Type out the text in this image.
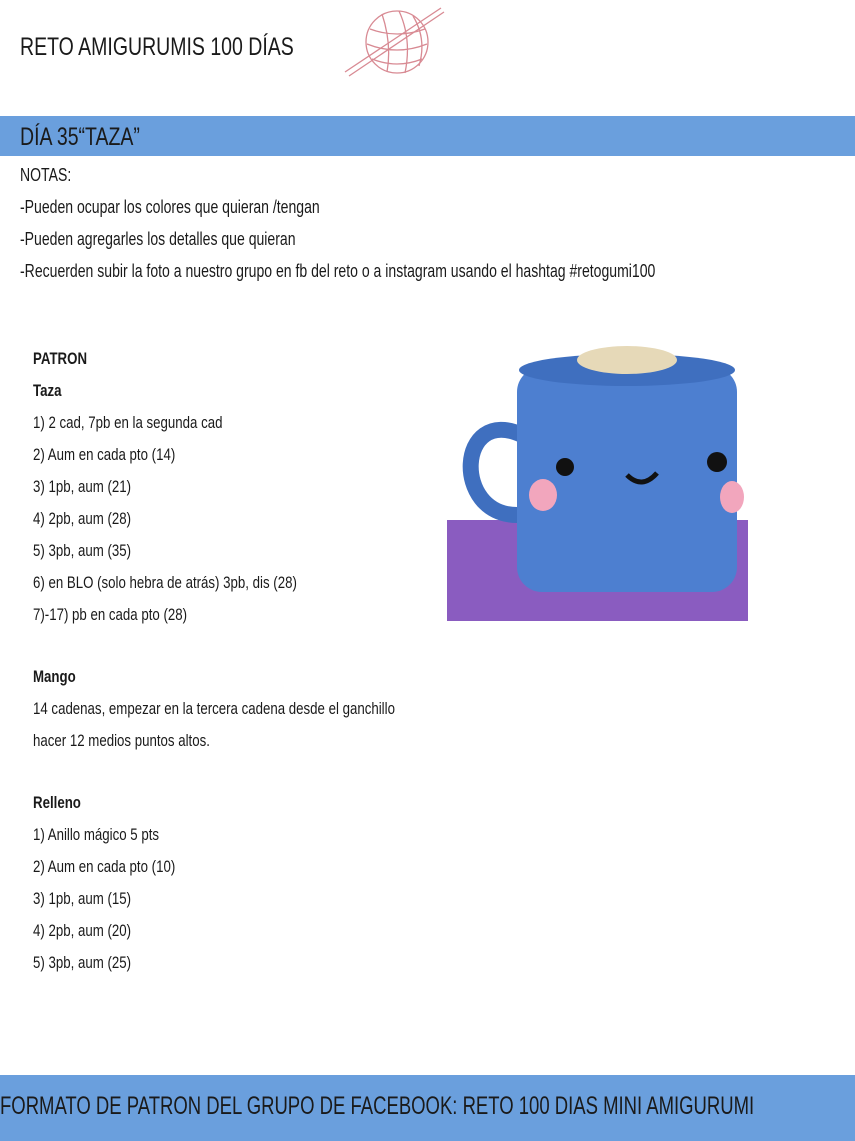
RETO AMIGURUMIS 100 DÍAS
DÍA 35“TAZA”
NOTAS:
-Pueden ocupar los colores que quieran /tengan
-Pueden agregarles los detalles que quieran
-Recuerden subir la foto a nuestro grupo en fb del reto o a instagram usando el hashtag #retogumi100
PATRON
Taza
1) 2 cad, 7pb en la segunda cad
2) Aum en cada pto (14)
3) 1pb, aum (21)
4) 2pb, aum (28)
5) 3pb, aum (35)
6) en BLO (solo hebra de atrás) 3pb, dis (28)
7)-17) pb en cada pto (28)
Mango
14 cadenas, empezar en la tercera cadena desde el ganchillo
hacer 12 medios puntos altos.
Relleno
1) Anillo mágico 5 pts
2) Aum en cada pto (10)
3) 1pb, aum (15)
4) 2pb, aum (20)
5) 3pb, aum (25)
FORMATO DE PATRON DEL GRUPO DE FACEBOOK: RETO 100 DIAS MINI AMIGURUMI
